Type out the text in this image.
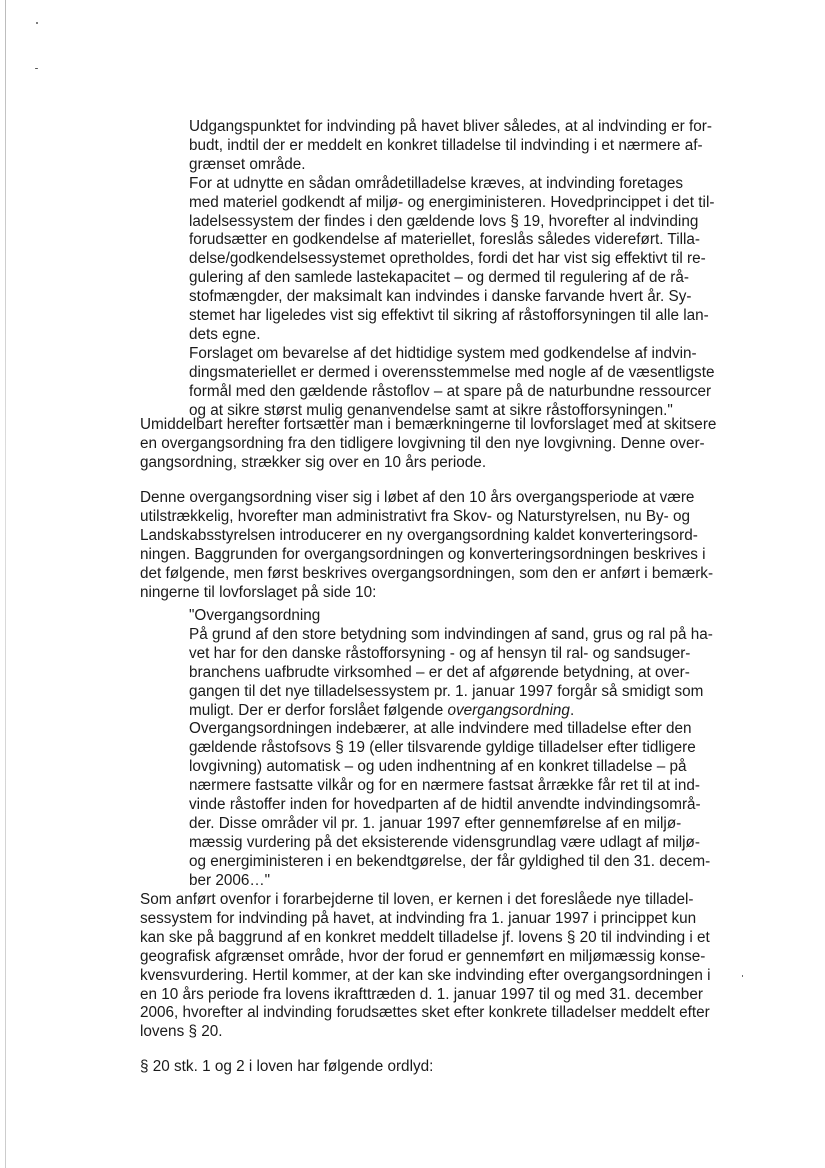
Udgangspunktet for indvinding på havet bliver således, at al indvinding er for-
budt, indtil der er meddelt en konkret tilladelse til indvinding i et nærmere af-
grænset område.
For at udnytte en sådan områdetilladelse kræves, at indvinding foretages
med materiel godkendt af miljø- og energiministeren. Hovedprincippet i det til-
ladelsessystem der findes i den gældende lovs § 19, hvorefter al indvinding
forudsætter en godkendelse af materiellet, foreslås således videreført. Tilla-
delse/godkendelsessystemet opretholdes, fordi det har vist sig effektivt til re-
gulering af den samlede lastekapacitet – og dermed til regulering af de rå-
stofmængder, der maksimalt kan indvindes i danske farvande hvert år. Sy-
stemet har ligeledes vist sig effektivt til sikring af råstofforsyningen til alle lan-
dets egne.
Forslaget om bevarelse af det hidtidige system med godkendelse af indvin-
dingsmateriellet er dermed i overensstemmelse med nogle af de væsentligste
formål med den gældende råstoflov – at spare på de naturbundne ressourcer
og at sikre størst mulig genanvendelse samt at sikre råstofforsyningen."
Umiddelbart herefter fortsætter man i bemærkningerne til lovforslaget med at skitsere
en overgangsordning fra den tidligere lovgivning til den nye lovgivning. Denne over-
gangsordning, strækker sig over en 10 års periode.
Denne overgangsordning viser sig i løbet af den 10 års overgangsperiode at være
utilstrækkelig, hvorefter man administrativt fra Skov- og Naturstyrelsen, nu By- og
Landskabsstyrelsen introducerer en ny overgangsordning kaldet konverteringsord-
ningen. Baggrunden for overgangsordningen og konverteringsordningen beskrives i
det følgende, men først beskrives overgangsordningen, som den er anført i bemærk-
ningerne til lovforslaget på side 10:
"Overgangsordning
På grund af den store betydning som indvindingen af sand, grus og ral på ha-
vet har for den danske råstofforsyning - og af hensyn til ral- og sandsuger-
branchens uafbrudte virksomhed – er det af afgørende betydning, at over-
gangen til det nye tilladelsessystem pr. 1. januar 1997 forgår så smidigt som
muligt. Der er derfor forslået følgende overgangsordning.
Overgangsordningen indebærer, at alle indvindere med tilladelse efter den
gældende råstofsovs § 19 (eller tilsvarende gyldige tilladelser efter tidligere
lovgivning) automatisk – og uden indhentning af en konkret tilladelse – på
nærmere fastsatte vilkår og for en nærmere fastsat årrække får ret til at ind-
vinde råstoffer inden for hovedparten af de hidtil anvendte indvindingsområ-
der. Disse områder vil pr. 1. januar 1997 efter gennemførelse af en miljø-
mæssig vurdering på det eksisterende vidensgrundlag være udlagt af miljø-
og energiministeren i en bekendtgørelse, der får gyldighed til den 31. decem-
ber 2006…"
Som anført ovenfor i forarbejderne til loven, er kernen i det foreslåede nye tilladel-
sessystem for indvinding på havet, at indvinding fra 1. januar 1997 i princippet kun
kan ske på baggrund af en konkret meddelt tilladelse jf. lovens § 20 til indvinding i et
geografisk afgrænset område, hvor der forud er gennemført en miljømæssig konse-
kvensvurdering. Hertil kommer, at der kan ske indvinding efter overgangsordningen i
en 10 års periode fra lovens ikrafttræden d. 1. januar 1997 til og med 31. december
2006, hvorefter al indvinding forudsættes sket efter konkrete tilladelser meddelt efter
lovens § 20.
§ 20 stk. 1 og 2 i loven har følgende ordlyd:
